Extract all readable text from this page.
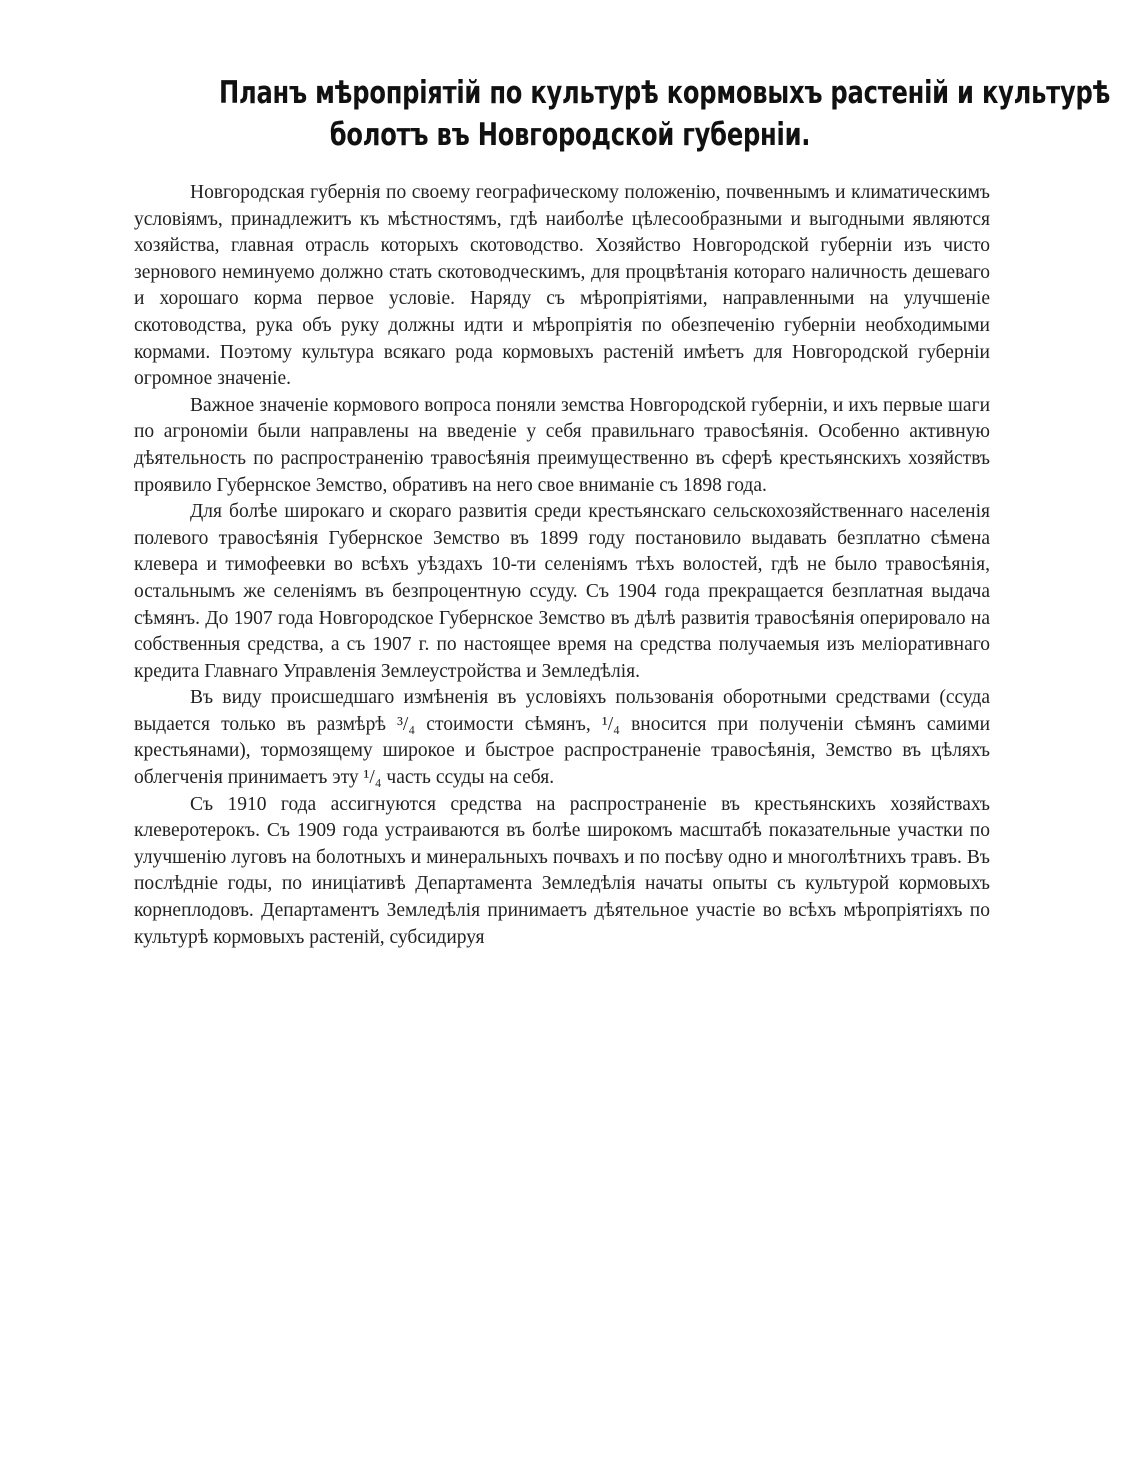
Планъ мѣропріятій по культурѣ кормовыхъ растеній и культурѣ
болотъ въ Новгородской губерніи.

Новгородская губернія по своему географическому положенію, почвеннымъ и климатическимъ условіямъ, принадлежитъ къ мѣстностямъ, гдѣ наиболѣе цѣлесообразными и выгодными являются хозяйства, главная отрасль которыхъ скотоводство. Хозяйство Новгородской губерніи изъ чисто зернового неминуемо должно стать скотоводческимъ, для процвѣтанія котораго наличность дешеваго и хорошаго корма первое условіе. Наряду съ мѣропріятіями, направленными на улучшеніе скотоводства, рука объ руку должны идти и мѣропріятія по обезпеченію губерніи необходимыми кормами. Поэтому культура всякаго рода кормовыхъ растеній имѣетъ для Новгородской губерніи огромное значеніе.

Важное значеніе кормового вопроса поняли земства Новгородской губерніи, и ихъ первые шаги по агрономіи были направлены на введеніе у себя правильнаго травосѣянія. Особенно активную дѣятельность по распространенію травосѣянія преимущественно въ сферѣ крестьянскихъ хозяйствъ проявило Губернское Земство, обративъ на него свое вниманіе съ 1898 года.

Для болѣе широкаго и скораго развитія среди крестьянскаго сельскохозяйственнаго населенія полевого травосѣянія Губернское Земство въ 1899 году постановило выдавать безплатно сѣмена клевера и тимофеевки во всѣхъ уѣздахъ 10-ти селеніямъ тѣхъ волостей, гдѣ не было травосѣянія, остальнымъ же селеніямъ въ безпроцентную ссуду. Съ 1904 года прекращается безплатная выдача сѣмянъ. До 1907 года Новгородское Губернское Земство въ дѣлѣ развитія травосѣянія оперировало на собственныя средства, а съ 1907 г. по настоящее время на средства получаемыя изъ меліоративнаго кредита Главнаго Управленія Землеустройства и Земледѣлія.

Въ виду происшедшаго измѣненія въ условіяхъ пользованія оборотными средствами (ссуда выдается только въ размѣрѣ ³/₄ стоимости сѣмянъ, ¹/₄ вносится при полученіи сѣмянъ самими крестьянами), тормозящему широкое и быстрое распространеніе травосѣянія, Земство въ цѣляхъ облегченія принимаетъ эту ¹/₄ часть ссуды на себя.

Съ 1910 года ассигнуются средства на распространеніе въ крестьянскихъ хозяйствахъ клеверотерокъ. Съ 1909 года устраиваются въ болѣе широкомъ масштабѣ показательные участки по улучшенію луговъ на болотныхъ и минеральныхъ почвахъ и по посѣву одно и многолѣтнихъ травъ. Въ послѣдніе годы, по иниціативѣ Департамента Земледѣлія начаты опыты съ культурой кормовыхъ корнеплодовъ. Департаментъ Земледѣлія принимаетъ дѣятельное участіе во всѣхъ мѣропріятіяхъ по культурѣ кормовыхъ растеній, субсидируя
